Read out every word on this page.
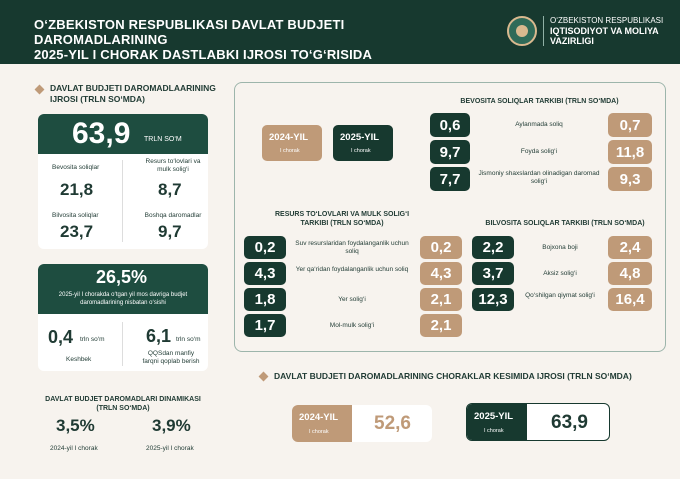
O‘ZBEKISTON RESPUBLIKASI DAVLAT BUDJETI DAROMADLARINING
2025-YIL I CHORAK DASTLABKI IJROSI TO‘G‘RISIDA
O‘ZBEKISTON RESPUBLIKASI
IQTISODIYOT VA MOLIYA
VAZIRLIGI
DAVLAT BUDJETI DAROMADLAARINING
IJROSI (TRLN SO‘MDA)
63,9 TRLN SO‘M
Bevosita soliqlar
21,8
Resurs to‘lovlari va mulk solig‘i
8,7
Bilvosita soliqlar
23,7
Boshqa daromadlar
9,7
26,5%
2025-yil I chorakda o‘tgan yil mos davriga budjet
daromadlarining nisbatan o‘sishi
0,4 trln so‘m
Keshbek
6,1 trln so‘m
QQSdan manfiy
farqni qoplab berish
DAVLAT BUDJET DAROMADLARI DINAMIKASI
(TRLN SO‘MDA)
3,5%
2024-yil I chorak
3,9%
2025-yil I chorak
2024-YIL
I chorak
2025-YIL
I chorak
BEVOSITA SOLIQLAR TARKIBI (TRLN SO‘MDA)
0,6	Aylanmada soliq	0,7
9,7	Foyda solig‘i	11,8
7,7	Jismoniy shaxslardan olinadigan daromad solig‘i	9,3
RESURS TO‘LOVLARI VA MULK SOLIG‘I
TARKIBI (TRLN SO‘MDA)
0,2	Suv resurslaridan foydalanganlik uchun soliq	0,2
4,3	Yer qa‘ridan foydalanganlik uchun soliq	4,3
1,8	Yer solig‘i	2,1
1,7	Mol-mulk solig‘i	2,1
BILVOSITA SOLIQLAR TARKIBI (TRLN SO‘MDA)
2,2	Bojxona boji	2,4
3,7	Aksiz solig‘i	4,8
12,3	Qo‘shilgan qiymat solig‘i	16,4
DAVLAT BUDJETI DAROMADLARINING CHORAKLAR KESIMIDA IJROSI (TRLN SO‘MDA)
2024-YIL
I chorak 52,6	2025-YIL
I chorak 63,9
